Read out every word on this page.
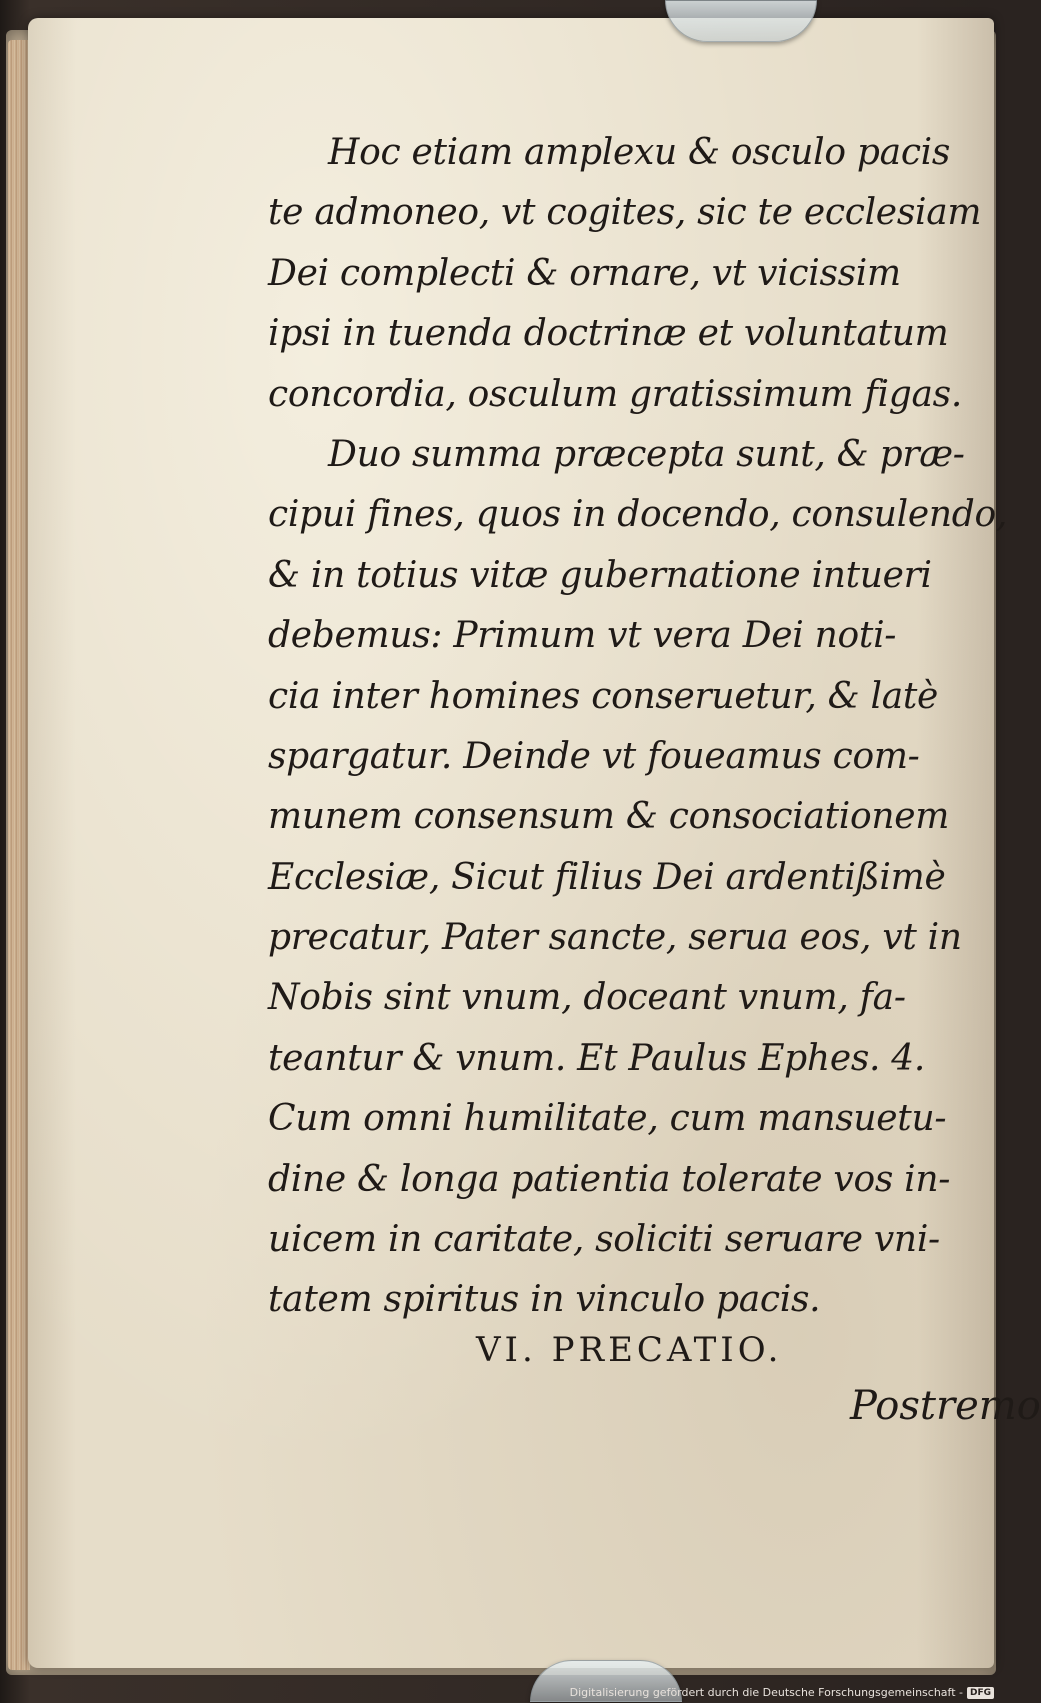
Hoc etiam amplexu & osculo pacis
te admoneo, vt cogites, sic te ecclesiam
Dei complecti & ornare, vt vicissim
ipsi in tuenda doctrinæ et voluntatum
concordia, osculum gratissimum figas.
Duo summa præcepta sunt, & præ-
cipui fines, quos in docendo, consulendo,
& in totius vitæ gubernatione intueri
debemus: Primum vt vera Dei noti-
cia inter homines conseruetur, & latè
spargatur. Deinde vt foueamus com-
munem consensum & consociationem
Ecclesiæ, Sicut filius Dei ardentißimè
precatur, Pater sancte, serua eos, vt in
Nobis sint vnum, doceant vnum, fa-
teantur & vnum. Et Paulus Ephes. 4.
Cum omni humilitate, cum mansuetu-
dine & longa patientia tolerate vos in-
uicem in caritate, soliciti seruare vni-
tatem spiritus in vinculo pacis.
VI. PRECATIO.
Postremo
Digitalisierung gefördert durch die Deutsche Forschungsgemeinschaft - DFG
